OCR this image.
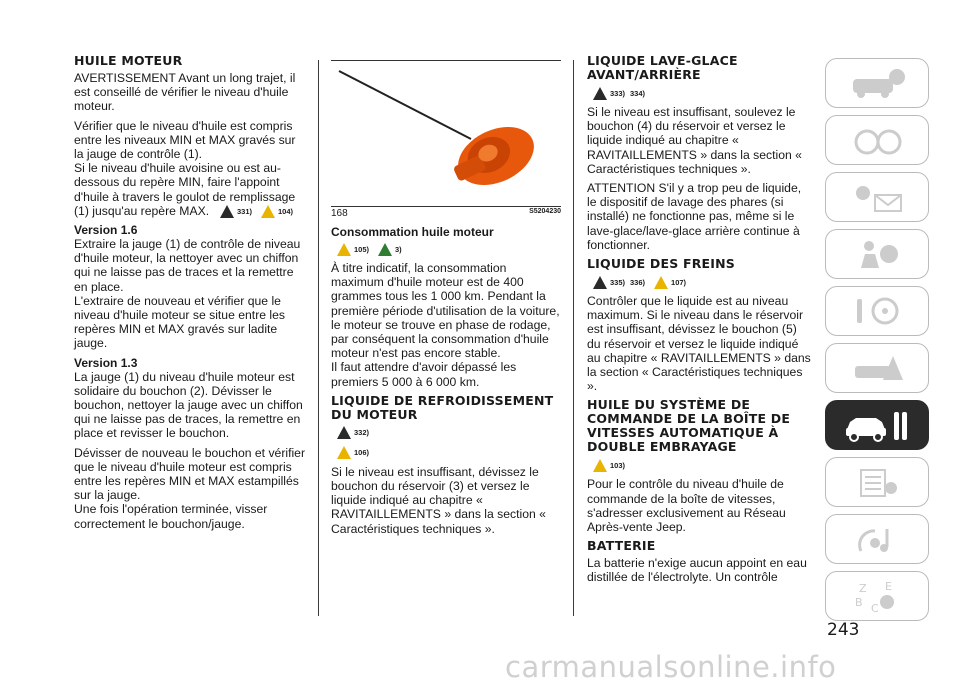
HUILE MOTEUR

AVERTISSEMENT Avant un long trajet, il est conseillé de vérifier le niveau d'huile moteur.

Vérifier que le niveau d'huile est compris entre les niveaux MIN et MAX gravés sur la jauge de contrôle (1).
Si le niveau d'huile avoisine ou est au-dessous du repère MIN, faire l'appoint d'huile à travers le goulot de remplissage (1) jusqu'au repère MAX.	331)	104)

Version 1.6

Extraire la jauge (1) de contrôle de niveau d'huile moteur, la nettoyer avec un chiffon qui ne laisse pas de traces et la remettre en place.
L'extraire de nouveau et vérifier que le niveau d'huile moteur se situe entre les repères MIN et MAX gravés sur ladite jauge.

Version 1.3

La jauge (1) du niveau d'huile moteur est solidaire du bouchon (2). Dévisser le bouchon, nettoyer la jauge avec un chiffon qui ne laisse pas de traces, la remettre en place et revisser le bouchon.

Dévisser de nouveau le bouchon et vérifier que le niveau d'huile moteur est compris entre les repères MIN et MAX estampillés sur la jauge.
Une fois l'opération terminée, visser correctement le bouchon/jauge.

168	S5204230

Consommation huile moteur

105)	3)

À titre indicatif, la consommation maximum d'huile moteur est de 400 grammes tous les 1 000 km. Pendant la première période d'utilisation de la voiture, le moteur se trouve en phase de rodage, par conséquent la consommation d'huile moteur n'est pas encore stable.
Il faut attendre d'avoir dépassé les premiers 5 000 à 6 000 km.

LIQUIDE DE REFROIDISSEMENT DU MOTEUR
332)
106)

Si le niveau est insuffisant, dévissez le bouchon du réservoir (3) et versez le liquide indiqué au chapitre « RAVITAILLEMENTS » dans la section « Caractéristiques techniques ».

LIQUIDE LAVE-GLACE AVANT/ARRIÈRE
333) 334)

Si le niveau est insuffisant, soulevez le bouchon (4) du réservoir et versez le liquide indiqué au chapitre « RAVITAILLEMENTS » dans la section « Caractéristiques techniques ».

ATTENTION S'il y a trop peu de liquide, le dispositif de lavage des phares (si installé) ne fonctionne pas, même si le lave-glace/lave-glace arrière continue à fonctionner.

LIQUIDE DES FREINS
335) 336)	107)

Contrôler que le liquide est au niveau maximum. Si le niveau dans le réservoir est insuffisant, dévissez le bouchon (5) du réservoir et versez le liquide indiqué au chapitre « RAVITAILLEMENTS » dans la section « Caractéristiques techniques ».

HUILE DU SYSTÈME DE COMMANDE DE LA BOÎTE DE VITESSES AUTOMATIQUE À DOUBLE EMBRAYAGE
103)

Pour le contrôle du niveau d'huile de commande de la boîte de vitesses, s'adresser exclusivement au Réseau Après-vente Jeep.

BATTERIE

La batterie n'exige aucun appoint en eau distillée de l'électrolyte. Un contrôle

Z E
B C
243
carmanualsonline.info
